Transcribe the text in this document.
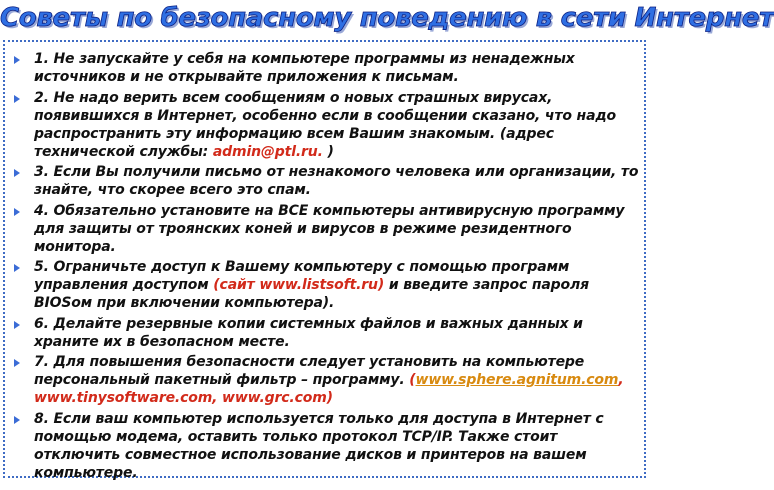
Советы по безопасному поведению в сети Интернет
1. Не запускайте у себя на компьютере программы из ненадежных источников и не открывайте приложения к письмам.
2. Не надо верить всем сообщениям о новых страшных вирусах, появившихся в Интернет, особенно если в сообщении сказано, что надо распространить эту информацию всем Вашим знакомым. (адрес технической службы: admin@ptl.ru. )
3. Если Вы получили письмо от незнакомого человека или организации, то знайте, что скорее всего это спам.
4. Обязательно установите на ВСЕ компьютеры антивирусную программу для защиты от троянских коней и вирусов в режиме резидентного монитора.
5. Ограничьте доступ к Вашему компьютеру с помощью программ управления доступом (сайт www.listsoft.ru) и введите запрос пароля BIOSом при включении компьютера).
6. Делайте резервные копии системных файлов и важных данных и храните их в безопасном месте.
7. Для повышения безопасности следует установить на компьютере персональный пакетный фильтр – программу. (www.sphere.agnitum.com, www.tinysoftware.com, www.grc.com)
8. Если ваш компьютер используется только для доступа в Интернет с помощью модема, оставить только протокол TCP/IP. Также стоит отключить совместное использование дисков и принтеров на вашем компьютере.
